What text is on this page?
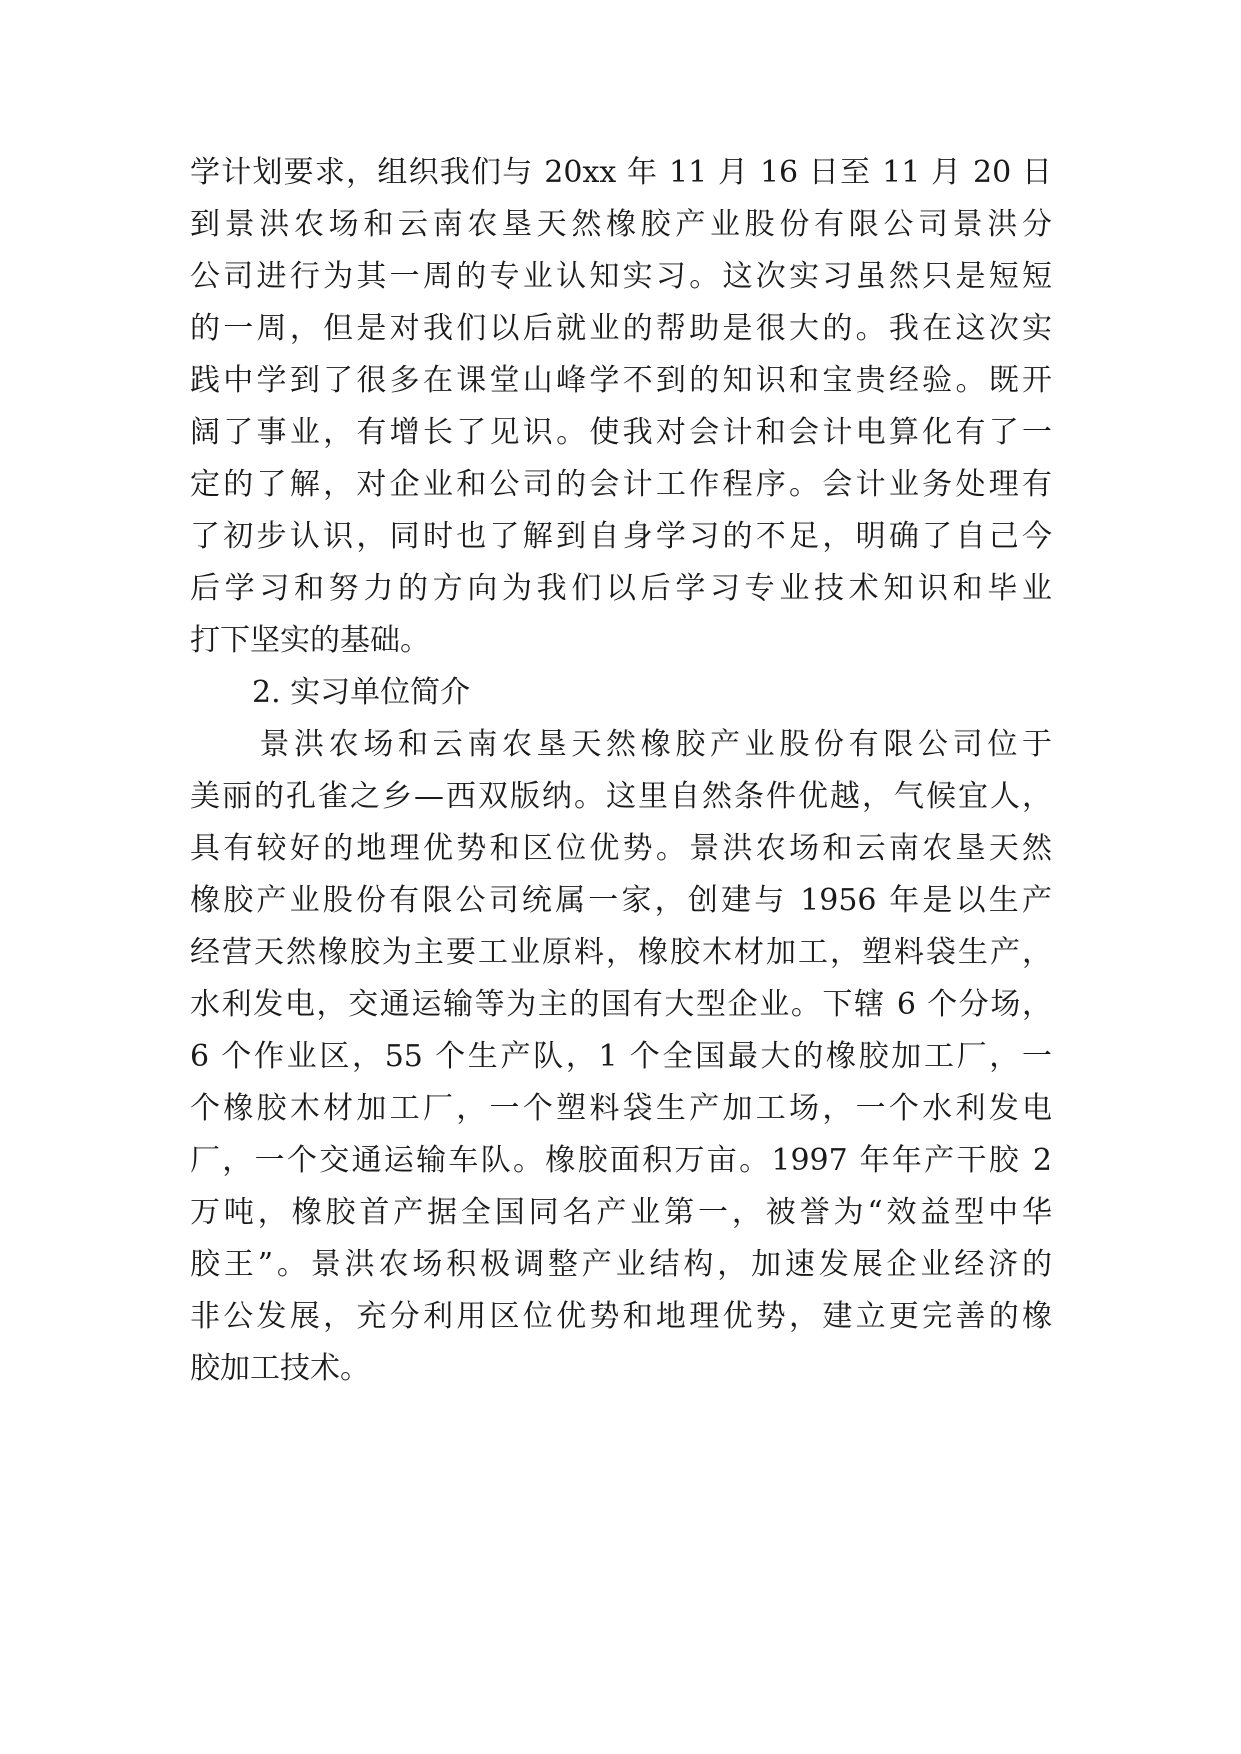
学计划要求，组织我们与 20xx 年 11 月 16 日至 11 月 20 日
到景洪农场和云南农垦天然橡胶产业股份有限公司景洪分
公司进行为其一周的专业认知实习。这次实习虽然只是短短
的一周，但是对我们以后就业的帮助是很大的。我在这次实
践中学到了很多在课堂山峰学不到的知识和宝贵经验。既开
阔了事业，有增长了见识。使我对会计和会计电算化有了一
定的了解，对企业和公司的会计工作程序。会计业务处理有
了初步认识，同时也了解到自身学习的不足，明确了自己今
后学习和努力的方向为我们以后学习专业技术知识和毕业
打下坚实的基础。
2. 实习单位简介
　　景洪农场和云南农垦天然橡胶产业股份有限公司位于
美丽的孔雀之乡—西双版纳。这里自然条件优越，气候宜人，
具有较好的地理优势和区位优势。景洪农场和云南农垦天然
橡胶产业股份有限公司统属一家，创建与 1956 年是以生产
经营天然橡胶为主要工业原料，橡胶木材加工，塑料袋生产，
水利发电，交通运输等为主的国有大型企业。下辖 6 个分场，
6 个作业区，55 个生产队，1 个全国最大的橡胶加工厂，一
个橡胶木材加工厂，一个塑料袋生产加工场，一个水利发电
厂，一个交通运输车队。橡胶面积万亩。1997 年年产干胶 2
万吨，橡胶首产据全国同名产业第一，被誉为“效益型中华
胶王”。景洪农场积极调整产业结构，加速发展企业经济的
非公发展，充分利用区位优势和地理优势，建立更完善的橡
胶加工技术。
